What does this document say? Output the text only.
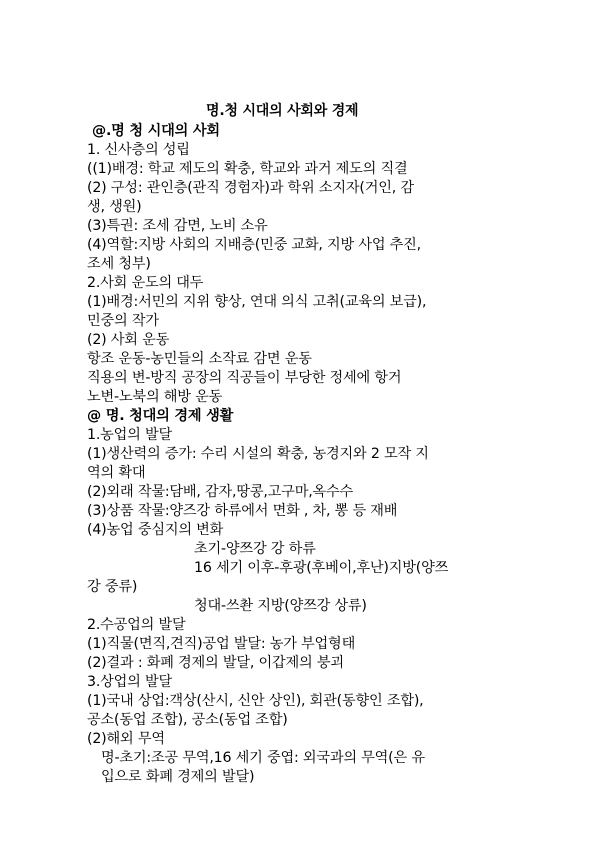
명.청 시대의 사회와 경제
@.명 청 시대의 사회
1. 신사층의 성립
((1)배경: 학교 제도의 확충, 학교와 과거 제도의 직결
(2) 구성: 관인층(관직 경험자)과 학위 소지자(거인, 감
생, 생원)
(3)특권: 조세 감면, 노비 소유
(4)역할:지방 사회의 지배층(민중 교화, 지방 사업 추진,
조세 청부)
2.사회 운도의 대두
(1)배경:서민의 지위 향상, 연대 의식 고취(교육의 보급),
민중의 작가
(2) 사회 운동
항조 운동-농민들의 소작료 감면 운동
직용의 변-방직 공장의 직공들이 부당한 정세에 항거
노변-노북의 해방 운동
@ 명. 청대의 경제 생활
1.농업의 발달
(1)생산력의 증가: 수리 시설의 확충, 농경지와 2 모작 지
역의 확대
(2)외래 작물:담배, 감자,땅콩,고구마,옥수수
(3)상품 작물:양즈강 하류에서 면화 , 차, 뽕 등 재배
(4)농업 중심지의 변화
초기-양쯔강 강 하류
16 세기 이후-후광(후베이,후난)지방(양쯔
강 중류)
청대-쓰촨 지방(양쯔강 상류)
2.수공업의 발달
(1)직물(면직,견직)공업 발달: 농가 부업형태
(2)결과 : 화폐 경제의 발달, 이갑제의 붕괴
3.상업의 발달
(1)국내 상업:객상(산시, 신안 상인), 회관(동향인 조합),
공소(동업 조합), 공소(동업 조합)
(2)해외 무역
명-초기:조공 무역,16 세기 중엽: 외국과의 무역(은 유
입으로 화폐 경제의 발달)
